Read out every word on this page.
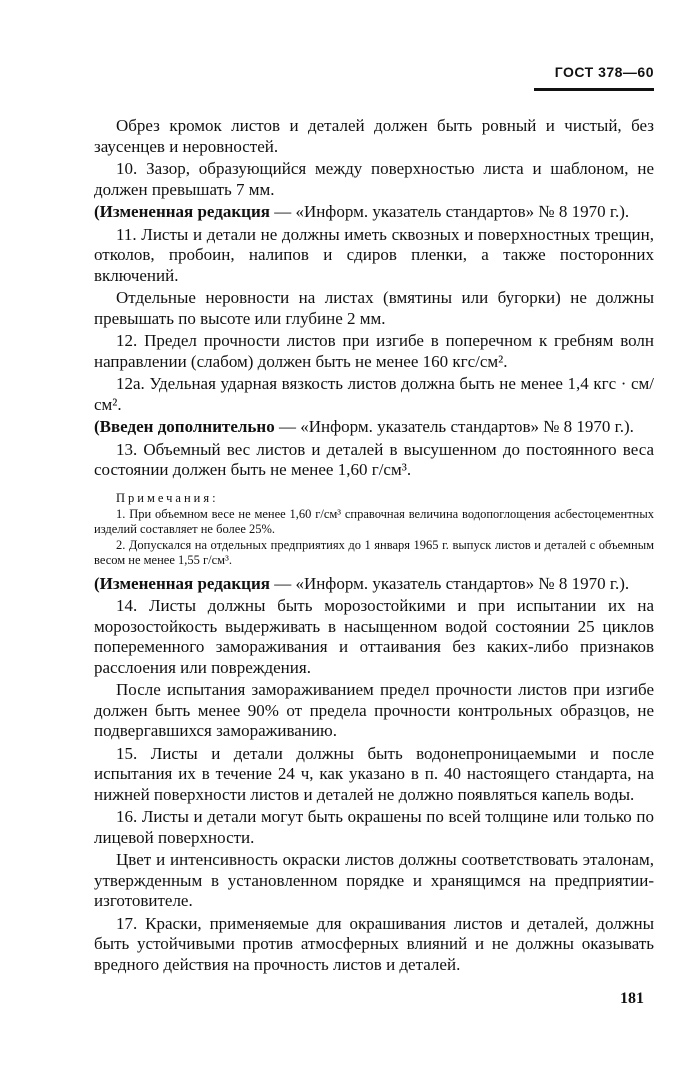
ГОСТ 378—60

Обрез кромок листов и деталей должен быть ровный и чистый, без заусенцев и неровностей.

10. Зазор, образующийся между поверхностью листа и шаблоном, не должен превышать 7 мм.

(Измененная редакция — «Информ. указатель стандартов» № 8 1970 г.).

11. Листы и детали не должны иметь сквозных и поверхностных трещин, отколов, пробоин, налипов и сдиров пленки, а также посторонних включений.

Отдельные неровности на листах (вмятины или бугорки) не должны превышать по высоте или глубине 2 мм.

12. Предел прочности листов при изгибе в поперечном к гребням волн направлении (слабом) должен быть не менее 160 кгс/см².

12а. Удельная ударная вязкость листов должна быть не менее 1,4 кгс · см/см².

(Введен дополнительно — «Информ. указатель стандартов» № 8 1970 г.).

13. Объемный вес листов и деталей в высушенном до постоянного веса состоянии должен быть не менее 1,60 г/см³.

Примечания:

1. При объемном весе не менее 1,60 г/см³ справочная величина водопоглощения асбестоцементных изделий составляет не более 25%.

2. Допускался на отдельных предприятиях до 1 января 1965 г. выпуск листов и деталей с объемным весом не менее 1,55 г/см³.

(Измененная редакция — «Информ. указатель стандартов» № 8 1970 г.).

14. Листы должны быть морозостойкими и при испытании их на морозостойкость выдерживать в насыщенном водой состоянии 25 циклов попеременного замораживания и оттаивания без каких-либо признаков расслоения или повреждения.

После испытания замораживанием предел прочности листов при изгибе должен быть менее 90% от предела прочности контрольных образцов, не подвергавшихся замораживанию.

15. Листы и детали должны быть водонепроницаемыми и после испытания их в течение 24 ч, как указано в п. 40 настоящего стандарта, на нижней поверхности листов и деталей не должно появляться капель воды.

16. Листы и детали могут быть окрашены по всей толщине или только по лицевой поверхности.

Цвет и интенсивность окраски листов должны соответствовать эталонам, утвержденным в установленном порядке и хранящимся на предприятии-изготовителе.

17. Краски, применяемые для окрашивания листов и деталей, должны быть устойчивыми против атмосферных влияний и не должны оказывать вредного действия на прочность листов и деталей.

181
